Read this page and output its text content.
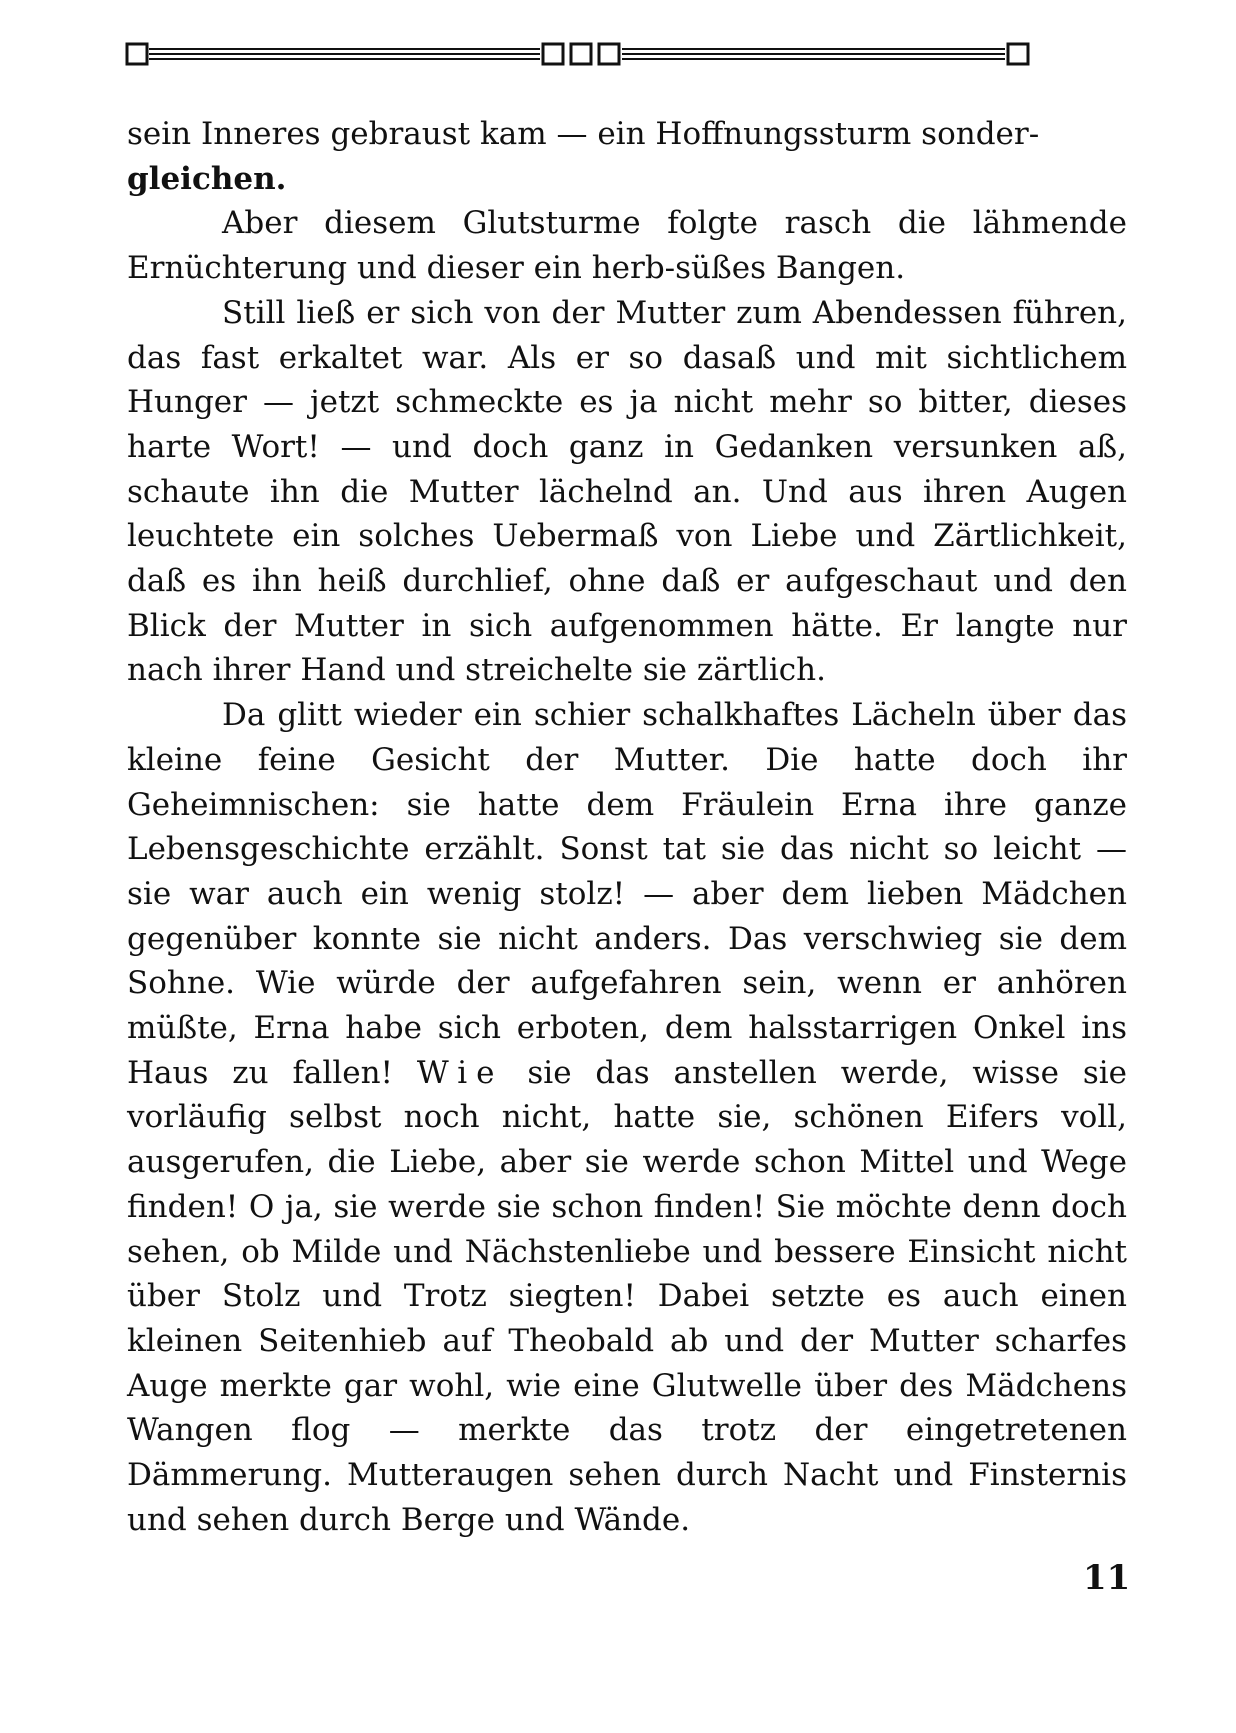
sein Inneres gebraust kam — ein Hoffnungssturm sonder-
gleichen.

Aber diesem Glutsturme folgte rasch die lähmende Ernüchterung und dieser ein herb-süßes Bangen.

Still ließ er sich von der Mutter zum Abendessen führen, das fast erkaltet war. Als er so dasaß und mit sichtlichem Hunger — jetzt schmeckte es ja nicht mehr so bitter, dieses harte Wort! — und doch ganz in Gedanken versunken aß, schaute ihn die Mutter lächelnd an. Und aus ihren Augen leuchtete ein solches Uebermaß von Liebe und Zärtlichkeit, daß es ihn heiß durchlief, ohne daß er aufgeschaut und den Blick der Mutter in sich aufgenommen hätte. Er langte nur nach ihrer Hand und streichelte sie zärtlich.

Da glitt wieder ein schier schalkhaftes Lächeln über das kleine feine Gesicht der Mutter. Die hatte doch ihr Geheimnischen: sie hatte dem Fräulein Erna ihre ganze Lebensgeschichte erzählt. Sonst tat sie das nicht so leicht — sie war auch ein wenig stolz! — aber dem lieben Mädchen gegenüber konnte sie nicht anders. Das verschwieg sie dem Sohne. Wie würde der aufgefahren sein, wenn er anhören müßte, Erna habe sich erboten, dem halsstarrigen Onkel ins Haus zu fallen! Wie sie das anstellen werde, wisse sie vorläufig selbst noch nicht, hatte sie, schönen Eifers voll, ausgerufen, die Liebe, aber sie werde schon Mittel und Wege finden! O ja, sie werde sie schon finden! Sie möchte denn doch sehen, ob Milde und Nächstenliebe und bessere Einsicht nicht über Stolz und Trotz siegten! Dabei setzte es auch einen kleinen Seitenhieb auf Theobald ab und der Mutter scharfes Auge merkte gar wohl, wie eine Glutwelle über des Mädchens Wangen flog — merkte das trotz der eingetretenen Dämmerung. Mutteraugen sehen durch Nacht und Finsternis und sehen durch Berge und Wände.

11
